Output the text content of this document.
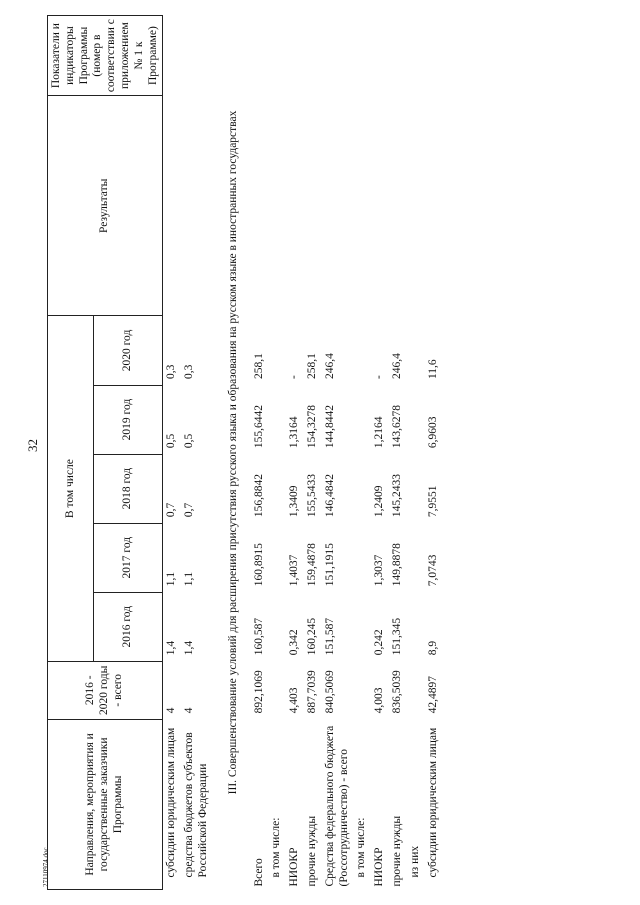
32
27110974.doc	Направления, мероприятия и государственные заказчики Программы	2016 - 2020 годы - всего	В том числе					Результаты	Показатели и индикаторы Программы (номер в соответствии с приложением № 1 к Программе)
		2016 год	2017 год	2018 год	2019 год	2020 год		
субсидии юридическим лицам	4	1,4	1,1	0,7	0,5	0,3		
средства бюджетов субъектов Российской Федерации	4	1,4	1,1	0,7	0,5	0,3		
III. Совершенствование условий для расширения присутствия русского языка и образования на русском языке в иностранных государствах								
Всего	892,1069	160,587	160,8915	156,8842	155,6442	258,1		
в том числе:								
НИОКР	4,403	0,342	1,4037	1,3409	1,3164	-		
прочие нужды	887,7039	160,245	159,4878	155,5433	154,3278	258,1		
Средства федерального бюджета (Россотрудничество) - всего	840,5069	151,587	151,1915	146,4842	144,8442	246,4		
в том числе:								
НИОКР	4,003	0,242	1,3037	1,2409	1,2164	-		
прочие нужды	836,5039	151,345	149,8878	145,2433	143,6278	246,4		
из них								
субсидии юридическим лицам	42,4897	8,9	7,0743	7,9551	6,9603	11,6		
